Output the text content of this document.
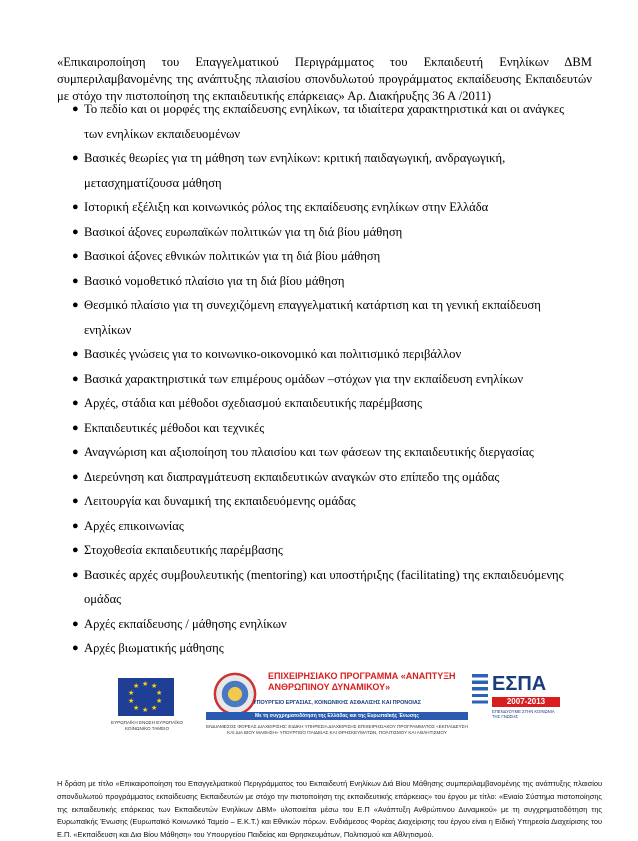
«Επικαιροποίηση του Επαγγελματικού Περιγράμματος του Εκπαιδευτή Ενηλίκων ΔΒΜ συμπεριλαμβανομένης της ανάπτυξης πλαισίου σπονδυλωτού προγράμματος εκπαίδευσης Εκπαιδευτών με στόχο την πιστοποίηση της εκπαιδευτικής επάρκειας» Αρ. Διακήρυξης 36 Α /2011)

● Το πεδίο και οι μορφές της εκπαίδευσης ενηλίκων, τα ιδιαίτερα χαρακτηριστικά και οι ανάγκες
των ενηλίκων εκπαιδευομένων
● Βασικές θεωρίες για τη μάθηση των ενηλίκων: κριτική παιδαγωγική, ανδραγωγική,
μετασχηματίζουσα μάθηση
● Ιστορική εξέλιξη και κοινωνικός ρόλος της εκπαίδευσης ενηλίκων στην Ελλάδα
● Βασικοί άξονες ευρωπαϊκών πολιτικών για τη διά βίου μάθηση
● Βασικοί άξονες εθνικών πολιτικών για τη διά βίου μάθηση
● Βασικό νομοθετικό πλαίσιο για τη διά βίου μάθηση
● Θεσμικό πλαίσιο για τη συνεχιζόμενη επαγγελματική κατάρτιση και τη γενική εκπαίδευση
ενηλίκων
● Βασικές γνώσεις για το κοινωνικο-οικονομικό και πολιτισμικό περιβάλλον
● Βασικά χαρακτηριστικά των επιμέρους ομάδων –στόχων για την εκπαίδευση ενηλίκων
● Αρχές, στάδια και μέθοδοι σχεδιασμού εκπαιδευτικής παρέμβασης
● Εκπαιδευτικές μέθοδοι και τεχνικές
● Αναγνώριση και αξιοποίηση του πλαισίου και των φάσεων της εκπαιδευτικής διεργασίας
● Διερεύνηση και διαπραγμάτευση εκπαιδευτικών αναγκών στο επίπεδο της ομάδας
● Λειτουργία και δυναμική της εκπαιδευόμενης ομάδας
● Αρχές επικοινωνίας
● Στοχοθεσία εκπαιδευτικής παρέμβασης
● Βασικές αρχές συμβουλευτικής (mentoring) και υποστήριξης (facilitating) της εκπαιδευόμενης
ομάδας
● Αρχές εκπαίδευσης / μάθησης ενηλίκων
● Αρχές βιωματικής μάθησης
★ ★
★
★
★
★
★
★
★
★
ΕΥΡΩΠΑΪΚΗ ΕΝΩΣΗ ΕΥΡΩΠΑΪΚΟ ΚΟΙΝΩΝΙΚΟ ΤΑΜΕΙΟ
ΕΠΙΧΕΙΡΗΣΙΑΚΟ ΠΡΟΓΡΑΜΜΑ «ΑΝΑΠΤΥΞΗ ΑΝΘΡΩΠΙΝΟΥ ΔΥΝΑΜΙΚΟΥ»
ΥΠΟΥΡΓΕΙΟ ΕΡΓΑΣΙΑΣ, ΚΟΙΝΩΝΙΚΗΣ ΑΣΦΑΛΙΣΗΣ ΚΑΙ ΠΡΟΝΟΙΑΣ
Με τη συγχρηματοδότηση της Ελλάδας και της Ευρωπαϊκής Ένωσης
ΕΝΔΙΑΜΕΣΟΣ ΦΟΡΕΑΣ ΔΙΑΧΕΙΡΙΣΗΣ: ΕΙΔΙΚΗ ΥΠΗΡΕΣΙΑ ΔΙΑΧΕΙΡΙΣΗΣ ΕΠΙΧΕΙΡΗΣΙΑΚΟΥ ΠΡΟΓΡΑΜΜΑΤΟΣ «ΕΚΠΑΙΔΕΥΣΗ ΚΑΙ ΔΙΑ ΒΙΟΥ ΜΑΘΗΣΗ» ΥΠΟΥΡΓΕΙΟ ΠΑΙΔΕΙΑΣ ΚΑΙ ΘΡΗΣΚΕΥΜΑΤΩΝ, ΠΟΛΙΤΙΣΜΟΥ ΚΑΙ ΑΘΛΗΤΙΣΜΟΥ
ΕΣΠΑ
2007-2013
ΕΠΕΝΔΥΟΥΜΕ ΣΤΗΝ ΚΟΙΝΩΝΙΑ ΤΗΣ ΓΝΩΣΗΣ

Η δράση με τίτλο «Επικαιροποίηση του Επαγγελματικού Περιγράμματος του Εκπαιδευτή Ενηλίκων Διά Βίου Μάθησης συμπεριλαμβανομένης της ανάπτυξης πλαισίου σπονδυλωτού προγράμματος εκπαίδευσης Εκπαιδευτών με στόχο την πιστοποίηση της εκπαιδευτικής επάρκειας» του έργου με τίτλο: «Ενιαίο Σύστημα πιστοποίησης της εκπαιδευτικής επάρκειας των Εκπαιδευτών Ενηλίκων ΔΒΜ» υλοποιείται μέσω του Ε.Π «Ανάπτυξη Ανθρώπινου Δυναμικού» με τη συγχρηματοδότηση της Ευρωπαϊκής Ένωσης (Ευρωπαϊκό Κοινωνικό Ταμείο – Ε.Κ.Τ.) και Εθνικών πόρων. Ενδιάμεσος Φορέας Διαχείρισης του έργου είναι η Ειδική Υπηρεσία Διαχείρισης του Ε.Π. «Εκπαίδευση και Δια Βίου Μάθηση» του Υπουργείου Παιδείας και Θρησκευμάτων, Πολιτισμού και Αθλητισμού.
